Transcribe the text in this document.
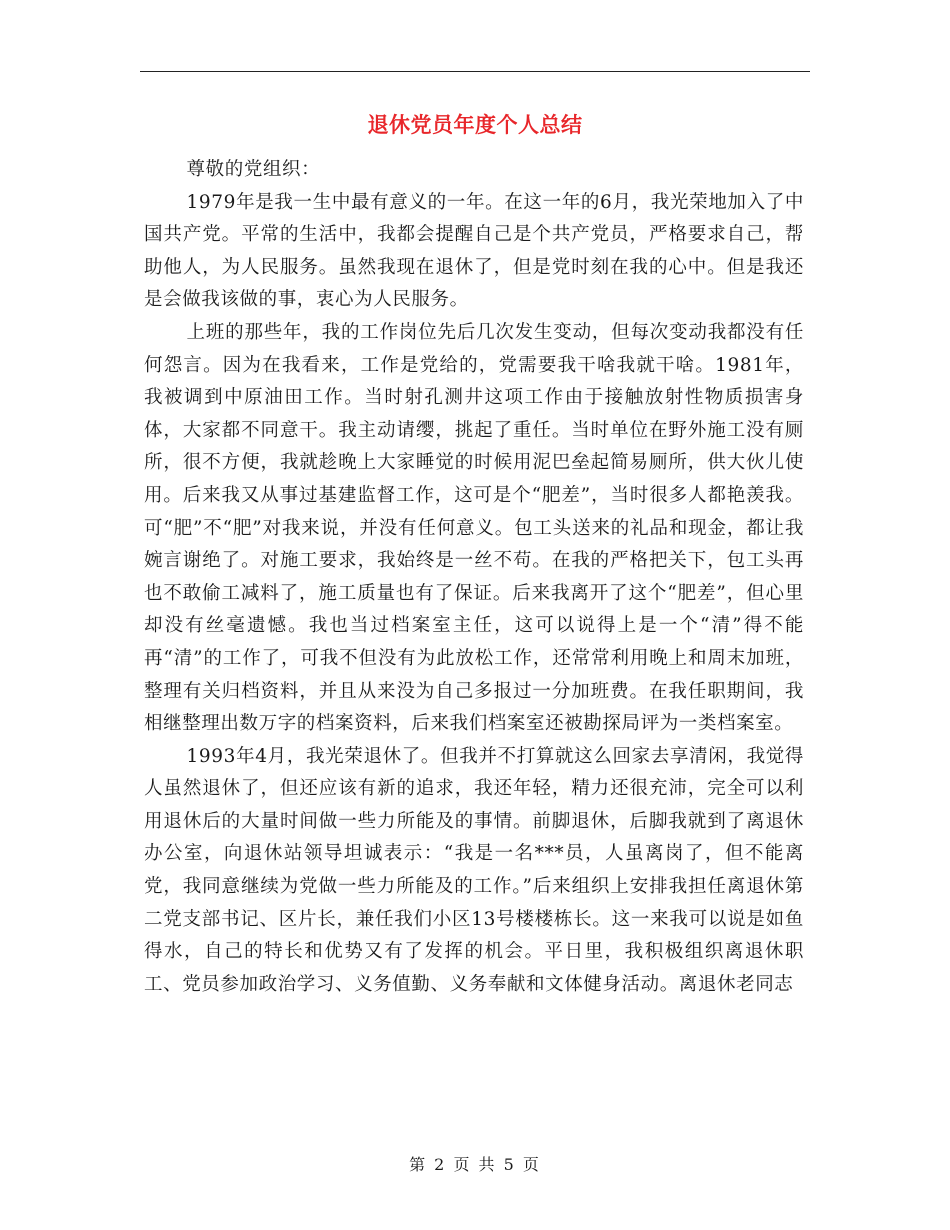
退休党员年度个人总结

尊敬的党组织：

1979年是我一生中最有意义的一年。在这一年的6月，我光荣地加入了中国共产党。平常的生活中，我都会提醒自己是个共产党员，严格要求自己，帮助他人，为人民服务。虽然我现在退休了，但是党时刻在我的心中。但是我还是会做我该做的事，衷心为人民服务。

上班的那些年，我的工作岗位先后几次发生变动，但每次变动我都没有任何怨言。因为在我看来，工作是党给的，党需要我干啥我就干啥。1981年，我被调到中原油田工作。当时射孔测井这项工作由于接触放射性物质损害身体，大家都不同意干。我主动请缨，挑起了重任。当时单位在野外施工没有厕所，很不方便，我就趁晚上大家睡觉的时候用泥巴垒起简易厕所，供大伙儿使用。后来我又从事过基建监督工作，这可是个“肥差”，当时很多人都艳羡我。可“肥”不“肥”对我来说，并没有任何意义。包工头送来的礼品和现金，都让我婉言谢绝了。对施工要求，我始终是一丝不苟。在我的严格把关下，包工头再也不敢偷工减料了，施工质量也有了保证。后来我离开了这个“肥差”，但心里却没有丝毫遗憾。我也当过档案室主任，这可以说得上是一个“清”得不能再“清”的工作了，可我不但没有为此放松工作，还常常利用晚上和周末加班，整理有关归档资料，并且从来没为自己多报过一分加班费。在我任职期间，我相继整理出数万字的档案资料，后来我们档案室还被勘探局评为一类档案室。

1993年4月，我光荣退休了。但我并不打算就这么回家去享清闲，我觉得人虽然退休了，但还应该有新的追求，我还年轻，精力还很充沛，完全可以利用退休后的大量时间做一些力所能及的事情。前脚退休，后脚我就到了离退休办公室，向退休站领导坦诚表示：“我是一名***员，人虽离岗了，但不能离党，我同意继续为党做一些力所能及的工作。”后来组织上安排我担任离退休第二党支部书记、区片长，兼任我们小区13号楼楼栋长。这一来我可以说是如鱼得水，自己的特长和优势又有了发挥的机会。平日里，我积极组织离退休职工、党员参加政治学习、义务值勤、义务奉献和文体健身活动。离退休老同志

第 2 页 共 5 页
